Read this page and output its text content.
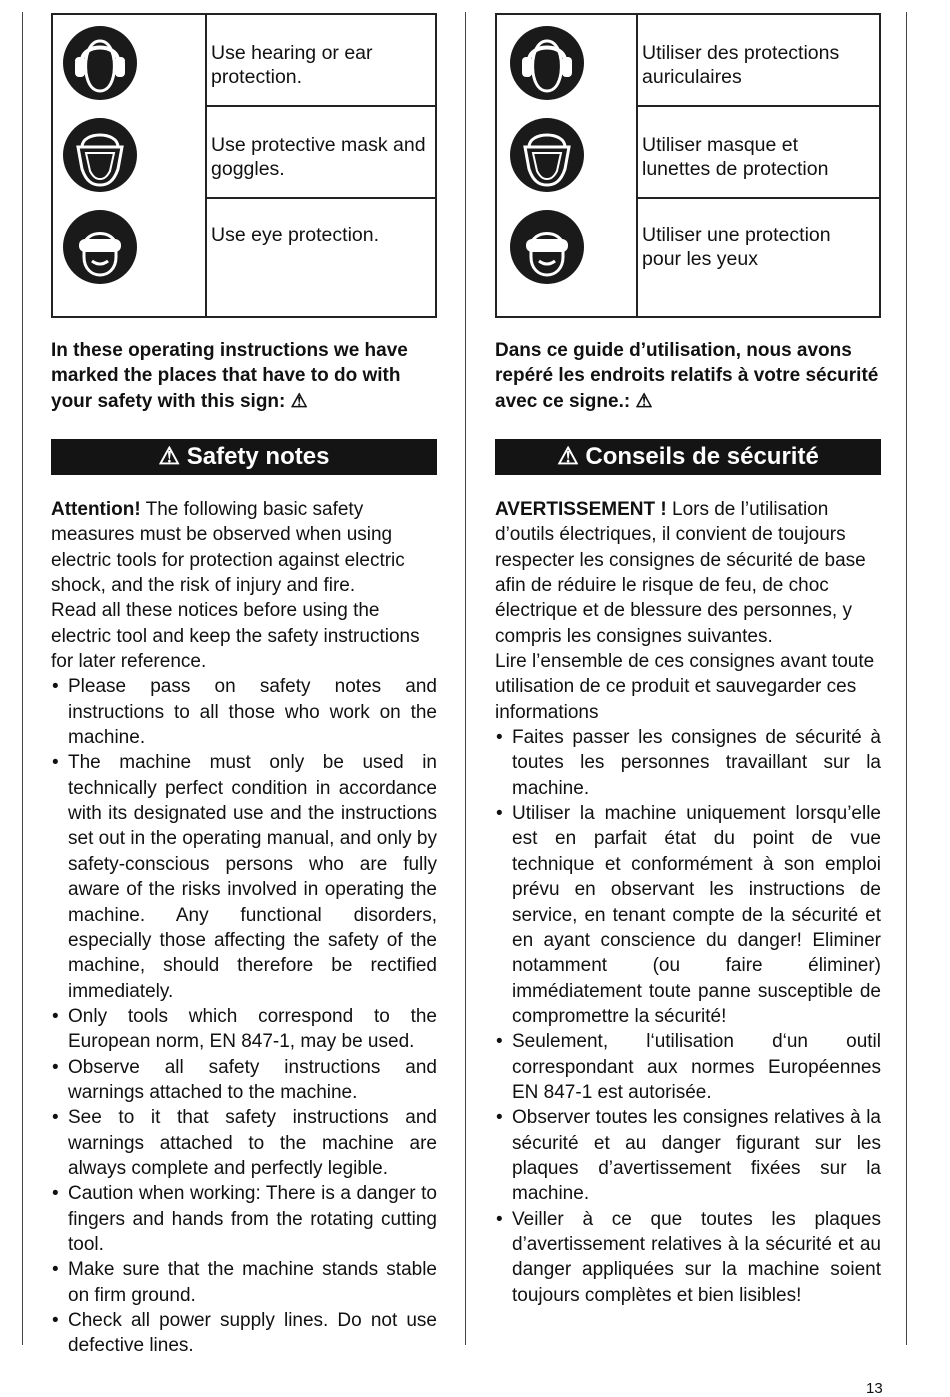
Use hearing or ear protection.
Use protective mask and goggles.
Use eye protection.
In these operating instructions we have marked the places that have to do with your safety with this sign: ⚠
⚠ Safety notes

Attention! The following basic safety measures must be observed when using electric tools for protection against electric shock, and the risk of injury and fire.

Read all these notices before using the electric tool and keep the safety instructions for later reference.

• Please pass on safety notes and instructions to all those who work on the machine.
• The machine must only be used in technically perfect condition in accordance with its designated use and the instructions set out in the operating manual, and only by safety-conscious persons who are fully aware of the risks involved in operating the machine. Any functional disorders, especially those affecting the safety of the machine, should therefore be rectified immediately.
• Only tools which correspond to the European norm, EN 847-1, may be used.
• Observe all safety instructions and warnings attached to the machine.
• See to it that safety instructions and warnings attached to the machine are always complete and perfectly legible.
• Caution when working: There is a danger to fingers and hands from the rotating cutting tool.
• Make sure that the machine stands stable on firm ground.
• Check all power supply lines. Do not use defective lines.
Utiliser des protections auriculaires
Utiliser masque et lunettes de protection
Utiliser une protection pour les yeux
Dans ce guide d’utilisation, nous avons repéré les endroits relatifs à votre sécurité avec ce signe.: ⚠
⚠ Conseils de sécurité

AVERTISSEMENT ! Lors de l’utilisation d’outils électriques, il convient de toujours respecter les consignes de sécurité de base afin de réduire le risque de feu, de choc électrique et de blessure des personnes, y compris les consignes suivantes.

Lire l’ensemble de ces consignes avant toute utilisation de ce produit et sauvegarder ces

informations

• Faites passer les consignes de sécurité à toutes les personnes travaillant sur la machine.
• Utiliser la machine uniquement lorsqu’elle est en parfait état du point de vue technique et conformément à son emploi prévu en observant les instructions de service, en tenant compte de la sécurité et en ayant conscience du danger! Eliminer notamment (ou faire éliminer) immédiatement toute panne susceptible de compromettre la sécurité!
• Seulement, l‘utilisation d‘un outil correspondant aux normes Européennes EN 847-1 est autorisée.
• Observer toutes les consignes relatives à la sécurité et au danger figurant sur les plaques d’avertissement fixées sur la machine.
• Veiller à ce que toutes les plaques d’avertissement relatives à la sécurité et au danger appliquées sur la machine soient toujours complètes et bien lisibles!
13
